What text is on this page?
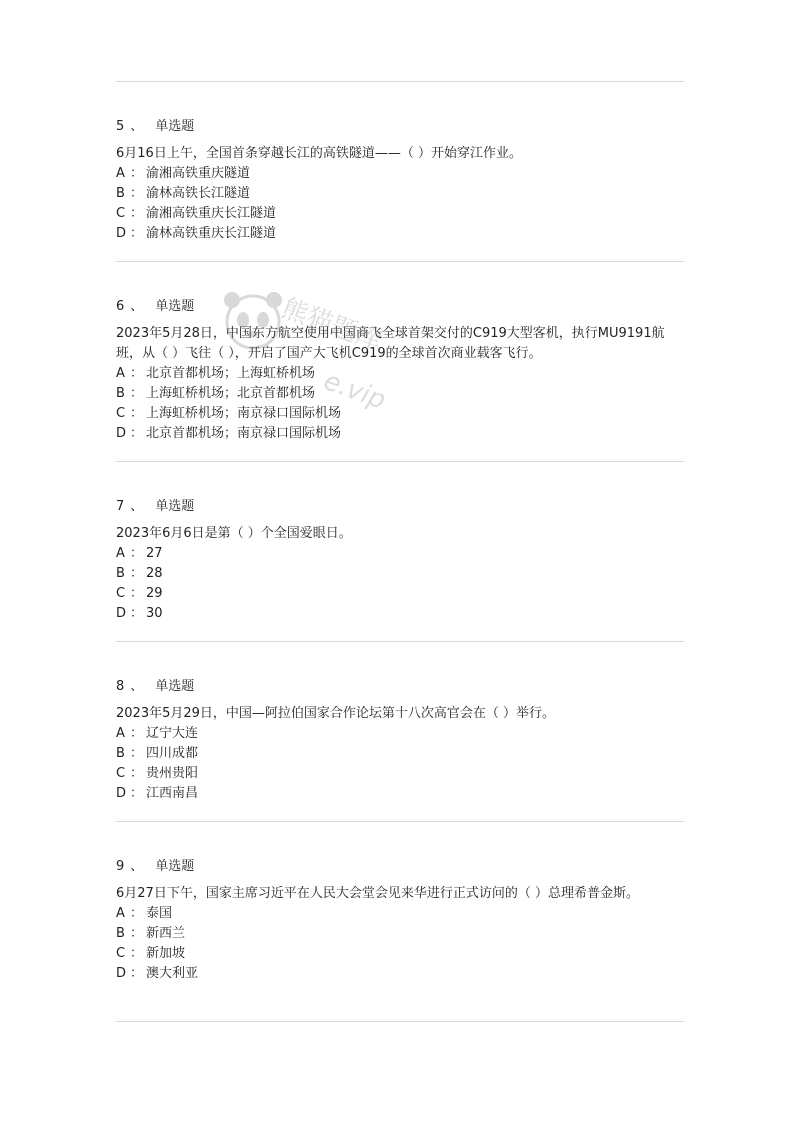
5 、 单选题
6月16日上午，全国首条穿越长江的高铁隧道——（ ）开始穿江作业。
A ： 渝湘高铁重庆隧道
B ： 渝林高铁长江隧道
C ： 渝湘高铁重庆长江隧道
D ： 渝林高铁重庆长江隧道
6 、 单选题
2023年5月28日，中国东方航空使用中国商飞全球首架交付的C919大型客机，执行MU9191航班，从（ ）飞往（ ），开启了国产大飞机C919的全球首次商业载客飞行。
A ： 北京首都机场；上海虹桥机场
B ： 上海虹桥机场；北京首都机场
C ： 上海虹桥机场；南京禄口国际机场
D ： 北京首都机场；南京禄口国际机场
7 、 单选题
2023年6月6日是第（ ）个全国爱眼日。
A ： 27
B ： 28
C ： 29
D ： 30
8 、 单选题
2023年5月29日，中国—阿拉伯国家合作论坛第十八次高官会在（ ）举行。
A ： 辽宁大连
B ： 四川成都
C ： 贵州贵阳
D ： 江西南昌
9 、 单选题
6月27日下午，国家主席习近平在人民大会堂会见来华进行正式访问的（ ）总理希普金斯。
A ： 泰国
B ： 新西兰
C ： 新加坡
D ： 澳大利亚
熊猫题库
e.vip
